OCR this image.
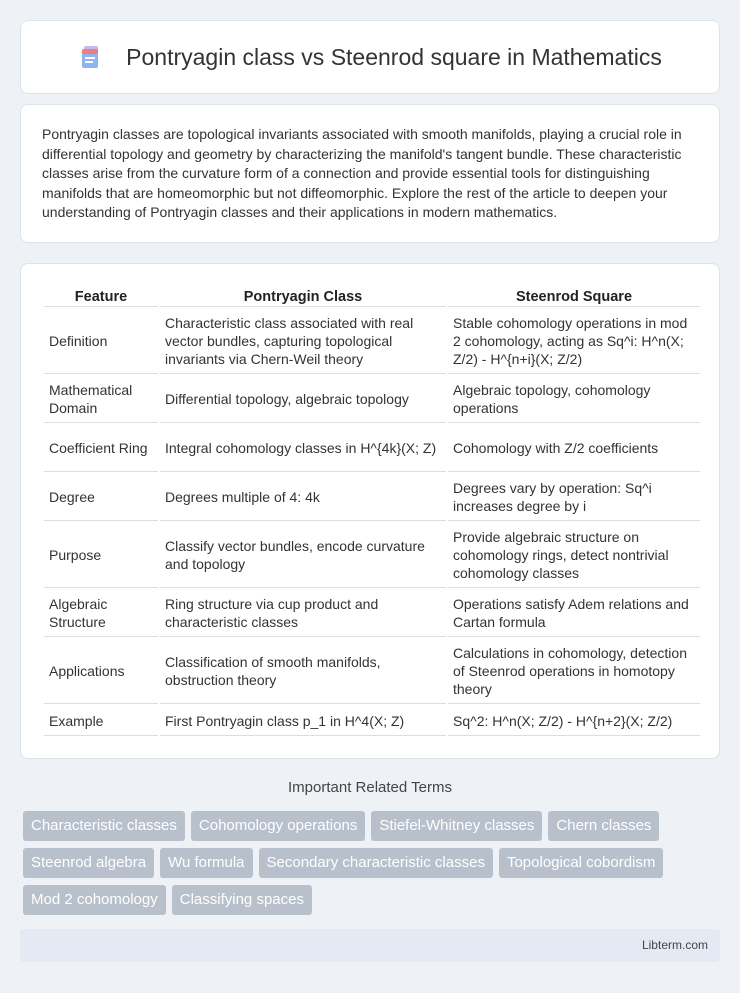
Pontryagin class vs Steenrod square in Mathematics

Pontryagin classes are topological invariants associated with smooth manifolds, playing a crucial role in differential topology and geometry by characterizing the manifold's tangent bundle. These characteristic classes arise from the curvature form of a connection and provide essential tools for distinguishing manifolds that are homeomorphic but not diffeomorphic. Explore the rest of the article to deepen your understanding of Pontryagin classes and their applications in modern mathematics.

Feature	Pontryagin Class	Steenrod Square
Definition	Characteristic class associated with real vector bundles, capturing topological invariants via Chern-Weil theory	Stable cohomology operations in mod 2 cohomology, acting as Sq^i: H^n(X; Z/2) - H^{n+i}(X; Z/2)
Mathematical Domain	Differential topology, algebraic topology	Algebraic topology, cohomology operations
Coefficient Ring	Integral cohomology classes in H^{4k}(X; Z)	Cohomology with Z/2 coefficients
Degree	Degrees multiple of 4: 4k	Degrees vary by operation: Sq^i increases degree by i
Purpose	Classify vector bundles, encode curvature and topology	Provide algebraic structure on cohomology rings, detect nontrivial cohomology classes
Algebraic Structure	Ring structure via cup product and characteristic classes	Operations satisfy Adem relations and Cartan formula
Applications	Classification of smooth manifolds, obstruction theory	Calculations in cohomology, detection of Steenrod operations in homotopy theory
Example	First Pontryagin class p_1 in H^4(X; Z)	Sq^2: H^n(X; Z/2) - H^{n+2}(X; Z/2)
Important Related Terms
Characteristic classes	Cohomology operations	Stiefel-Whitney classes	Chern classes
Steenrod algebra	Wu formula	Secondary characteristic classes	Topological cobordism
Mod 2 cohomology	Classifying spaces
Libterm.com
